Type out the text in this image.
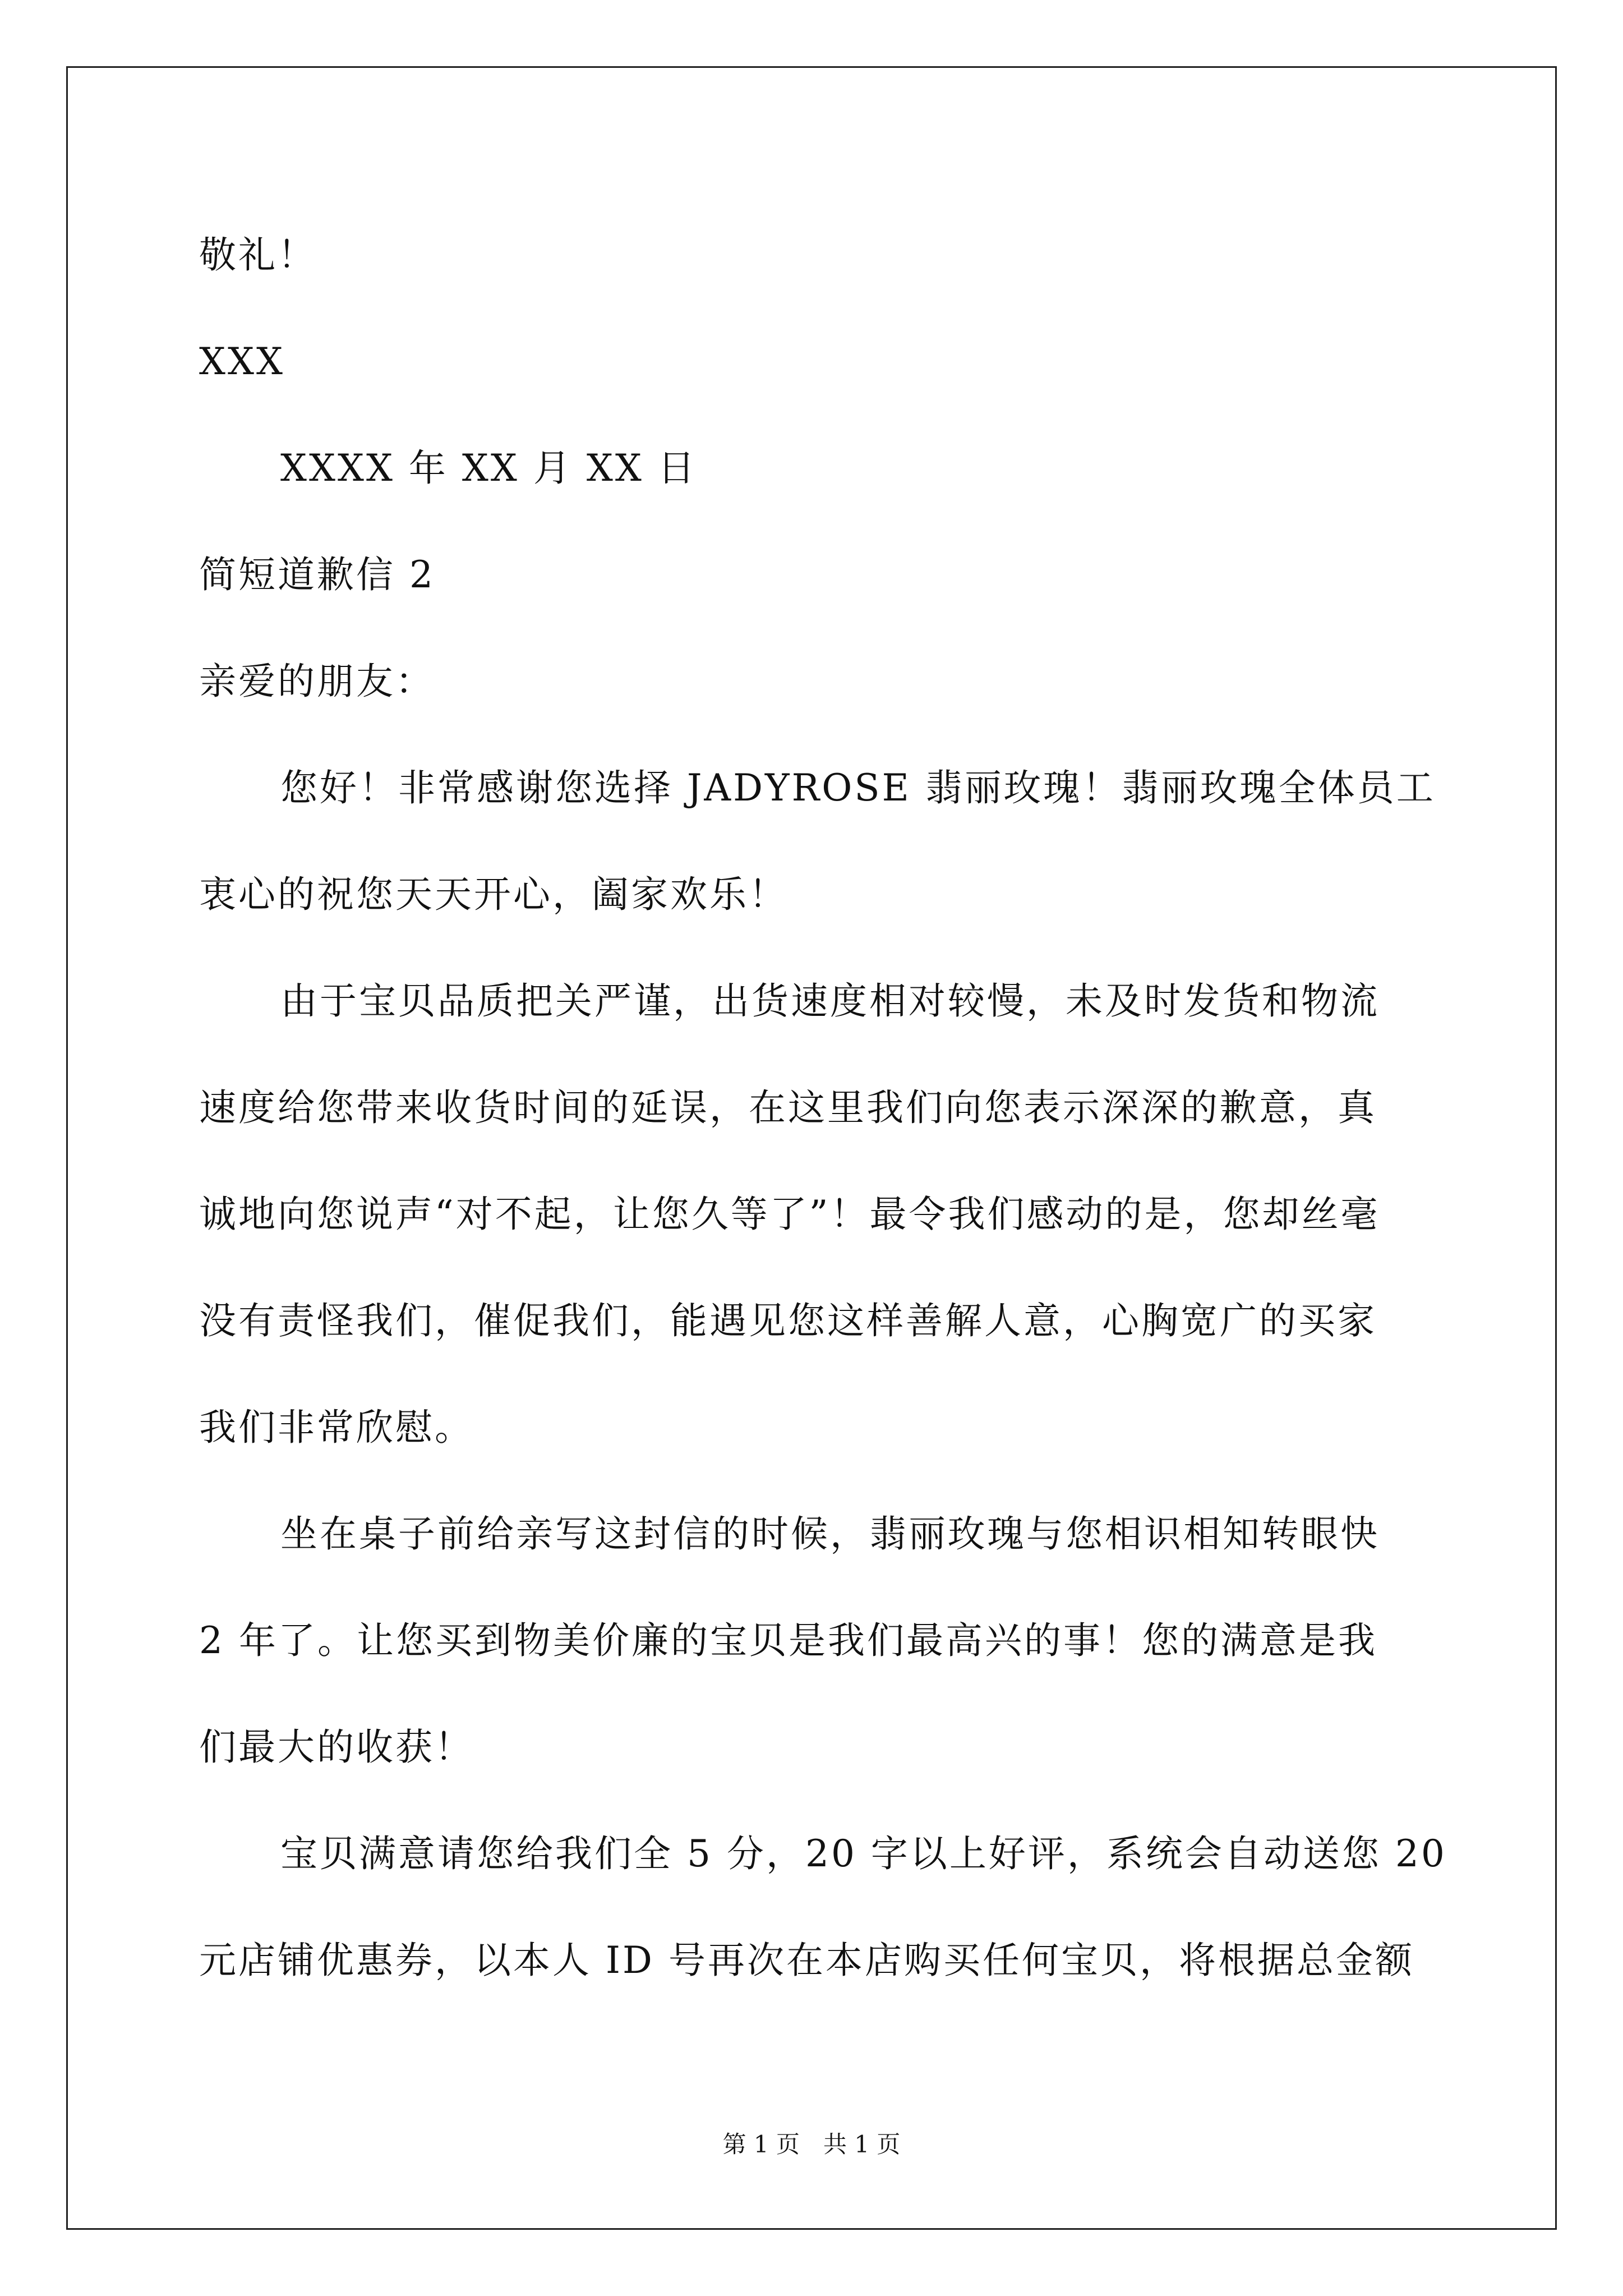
敬礼！
XXX
XXXX 年 XX 月 XX 日
简短道歉信 2
亲爱的朋友：
您好！非常感谢您选择 JADYROSE 翡丽玫瑰！翡丽玫瑰全体员工
衷心的祝您天天开心，阖家欢乐！
由于宝贝品质把关严谨，出货速度相对较慢，未及时发货和物流
速度给您带来收货时间的延误，在这里我们向您表示深深的歉意，真
诚地向您说声“对不起，让您久等了”！最令我们感动的是，您却丝毫
没有责怪我们，催促我们，能遇见您这样善解人意，心胸宽广的买家
我们非常欣慰。
坐在桌子前给亲写这封信的时候，翡丽玫瑰与您相识相知转眼快
2 年了。让您买到物美价廉的宝贝是我们最高兴的事！您的满意是我
们最大的收获！
宝贝满意请您给我们全 5 分，20 字以上好评，系统会自动送您 20
元店铺优惠券，以本人 ID 号再次在本店购买任何宝贝，将根据总金额
第 1 页　共 1 页
